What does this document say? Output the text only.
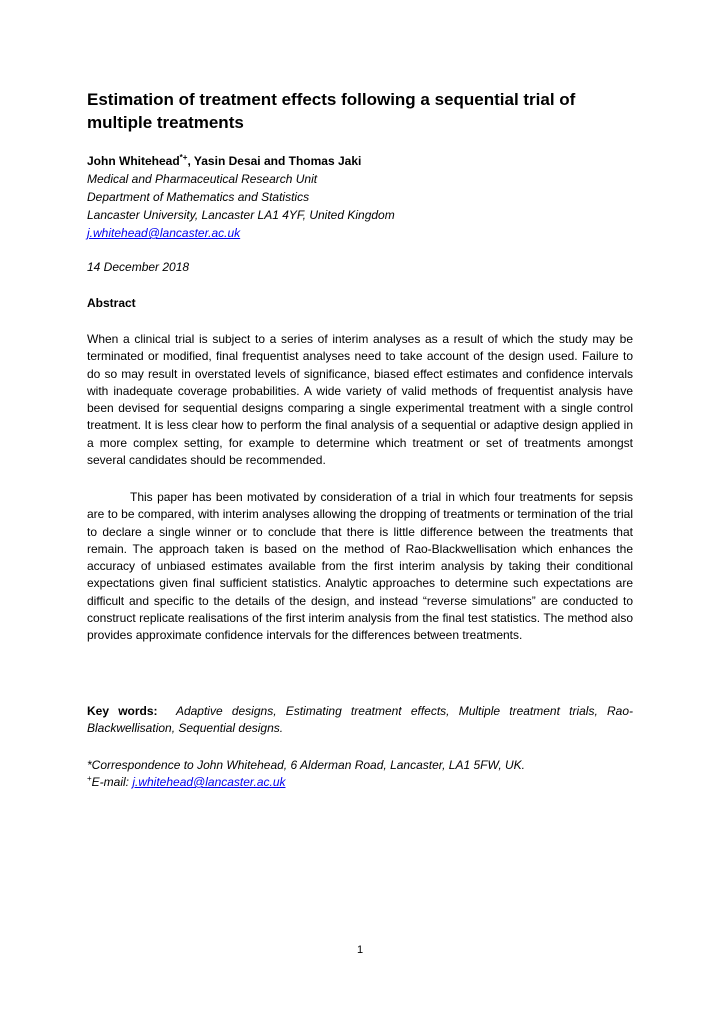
Estimation of treatment effects following a sequential trial of multiple treatments
John Whitehead*+, Yasin Desai and Thomas Jaki
Medical and Pharmaceutical Research Unit
Department of Mathematics and Statistics
Lancaster University, Lancaster LA1 4YF, United Kingdom
j.whitehead@lancaster.ac.uk
14 December 2018
Abstract

When a clinical trial is subject to a series of interim analyses as a result of which the study may be terminated or modified, final frequentist analyses need to take account of the design used. Failure to do so may result in overstated levels of significance, biased effect estimates and confidence intervals with inadequate coverage probabilities. A wide variety of valid methods of frequentist analysis have been devised for sequential designs comparing a single experimental treatment with a single control treatment. It is less clear how to perform the final analysis of a sequential or adaptive design applied in a more complex setting, for example to determine which treatment or set of treatments amongst several candidates should be recommended.

This paper has been motivated by consideration of a trial in which four treatments for sepsis are to be compared, with interim analyses allowing the dropping of treatments or termination of the trial to declare a single winner or to conclude that there is little difference between the treatments that remain. The approach taken is based on the method of Rao-Blackwellisation which enhances the accuracy of unbiased estimates available from the first interim analysis by taking their conditional expectations given final sufficient statistics. Analytic approaches to determine such expectations are difficult and specific to the details of the design, and instead “reverse simulations” are conducted to construct replicate realisations of the first interim analysis from the final test statistics. The method also provides approximate confidence intervals for the differences between treatments.

Key words: Adaptive designs, Estimating treatment effects, Multiple treatment trials, Rao-Blackwellisation, Sequential designs.
*Correspondence to John Whitehead, 6 Alderman Road, Lancaster, LA1 5FW, UK.
+E-mail: j.whitehead@lancaster.ac.uk
1
